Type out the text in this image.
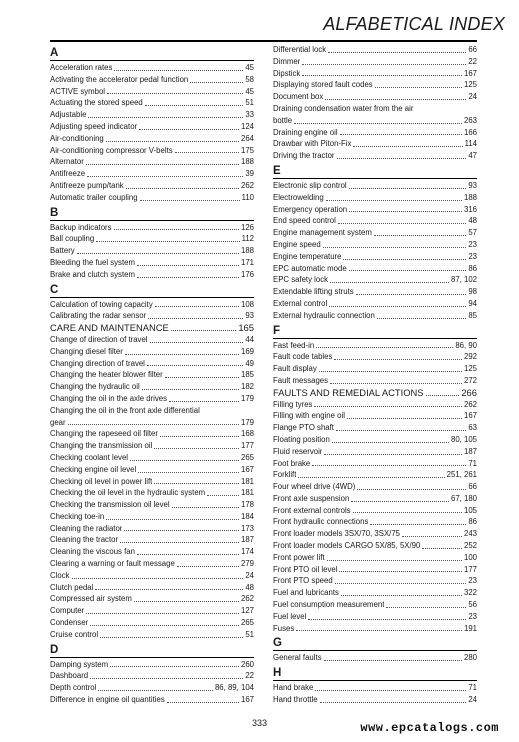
ALFABETICAL INDEX
A
Acceleration rates	45
Activating the accelerator pedal function	58
ACTIVE symbol	45
Actuating the stored speed	51
Adjustable	33
Adjusting speed indicator	124
Air-conditioning	264
Air-conditioning compressor V-belts	175
Alternator	188
Antifreeze	39
Antifreeze pump/tank	262
Automatic trailer coupling	110
B
Backup indicators	126
Ball coupling	112
Battery	188
Bleeding the fuel system	171
Brake and clutch system	176
C
Calculation of towing capacity	108
Calibrating the radar sensor	93
CARE AND MAINTENANCE	165
Change of direction of travel	44
Changing diesel filter	169
Changing direction of travel	49
Changing the heater blower filter	185
Changing the hydraulic oil	182
Changing the oil in the axle drives	179
Changing the oil in the front axle differential
gear	179
Changing the rapeseed oil filter	168
Changing the transmission oil	177
Checking coolant level	265
Checking engine oil level	167
Checking oil level in power lift	181
Checking the oil level in the hydraulic system	181
Checking the transmission oil level	178
Checking toe-in	184
Cleaning the radiator	173
Cleaning the tractor	187
Cleaning the viscous fan	174
Clearing a warning or fault message	279
Clock	24
Clutch pedal	48
Compressed air system	262
Computer	127
Condenser	265
Cruise control	51
D
Damping system	260
Dashboard	22
Depth control	86, 89, 104
Difference in engine oil quantities	167
Differential lock	66
Dimmer	22
Dipstick	167
Displaying stored fault codes	125
Document box	24
Draining condensation water from the air
bottle	263
Draining engine oil	166
Drawbar with Piton-Fix	114
Driving the tractor	47
E
Electronic slip control	93
Electrowelding	188
Emergency operation	316
End speed control	48
Engine management system	57
Engine speed	23
Engine temperature	23
EPC automatic mode	86
EPC safety lock	87, 102
Extendable lifting struts	98
External control	94
External hydraulic connection	85
F
Fast feed-in	86, 90
Fault code tables	292
Fault display	125
Fault messages	272
FAULTS AND REMEDIAL ACTIONS	266
Filling tyres	262
Filling with engine oil	167
Flange PTO shaft	63
Floating position	80, 105
Fluid reservoir	187
Foot brake	71
Forklift	251, 261
Four wheel drive (4WD)	66
Front axle suspension	67, 180
Front external controls	105
Front hydraulic connections	86
Front loader models 3SX/70, 3SX/75	243
Front loader models CARGO 5X/85, 5X/90	252
Front power lift	100
Front PTO oil level	177
Front PTO speed	23
Fuel and lubricants	322
Fuel consumption measurement	56
Fuel level	23
Fuses	191
G
General faults	280
H
Hand brake	71
Hand throttle	24
333	www.epcatalogs.com
